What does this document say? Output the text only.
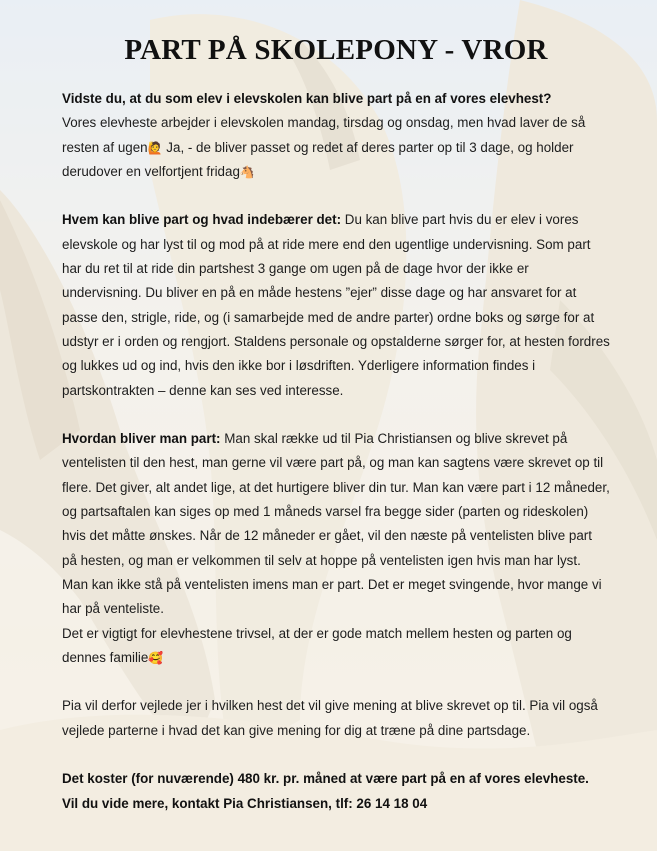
PART PÅ SKOLEPONY - VROR

Vidste du, at du som elev i elevskolen kan blive part på en af vores elevhest?
Vores elevheste arbejder i elevskolen mandag, tirsdag og onsdag, men hvad laver de så resten af ugen🙋 Ja, - de bliver passet og redet af deres parter op til 3 dage, og holder derudover en velfortjent fridag🐴

Hvem kan blive part og hvad indebærer det: Du kan blive part hvis du er elev i vores elevskole og har lyst til og mod på at ride mere end den ugentlige undervisning. Som part har du ret til at ride din partshest 3 gange om ugen på de dage hvor der ikke er undervisning. Du bliver en på en måde hestens ”ejer” disse dage og har ansvaret for at passe den, strigle, ride, og (i samarbejde med de andre parter) ordne boks og sørge for at udstyr er i orden og rengjort. Staldens personale og opstalderne sørger for, at hesten fordres og lukkes ud og ind, hvis den ikke bor i løsdriften. Yderligere information findes i partskontrakten – denne kan ses ved interesse.

Hvordan bliver man part: Man skal række ud til Pia Christiansen og blive skrevet på ventelisten til den hest, man gerne vil være part på, og man kan sagtens være skrevet op til flere. Det giver, alt andet lige, at det hurtigere bliver din tur. Man kan være part i 12 måneder, og partsaftalen kan siges op med 1 måneds varsel fra begge sider (parten og rideskolen) hvis det måtte ønskes. Når de 12 måneder er gået, vil den næste på ventelisten blive part på hesten, og man er velkommen til selv at hoppe på ventelisten igen hvis man har lyst. Man kan ikke stå på ventelisten imens man er part. Det er meget svingende, hvor mange vi har på venteliste.
Det er vigtigt for elevhestene trivsel, at der er gode match mellem hesten og parten og dennes familie🥰

Pia vil derfor vejlede jer i hvilken hest det vil give mening at blive skrevet op til. Pia vil også vejlede parterne i hvad det kan give mening for dig at træne på dine partsdage.

Det koster (for nuværende) 480 kr. pr. måned at være part på en af vores elevheste.
Vil du vide mere, kontakt Pia Christiansen, tlf: 26 14 18 04
